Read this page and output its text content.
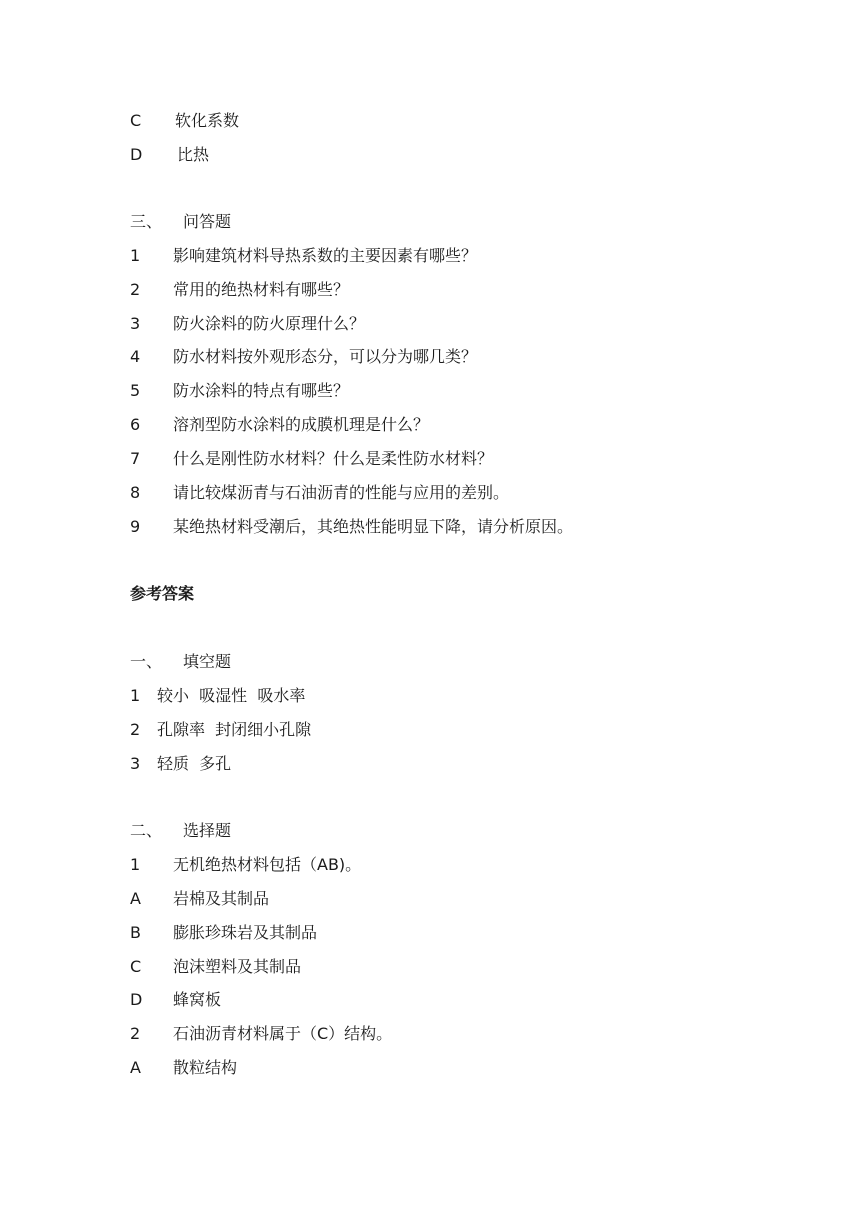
C 软化系数
D 比热
三、 问答题
1 影响建筑材料导热系数的主要因素有哪些？
2 常用的绝热材料有哪些？
3 防火涂料的防火原理什么？
4 防水材料按外观形态分，可以分为哪几类？
5 防水涂料的特点有哪些？
6 溶剂型防水涂料的成膜机理是什么？
7 什么是刚性防水材料？什么是柔性防水材料？
8 请比较煤沥青与石油沥青的性能与应用的差别。
9 某绝热材料受潮后，其绝热性能明显下降，请分析原因。
参考答案
一、 填空题
1 较小  吸湿性  吸水率
2 孔隙率  封闭细小孔隙
3 轻质  多孔
二、 选择题
1 无机绝热材料包括（AB)。
A 岩棉及其制品
B 膨胀珍珠岩及其制品
C 泡沫塑料及其制品
D 蜂窝板
2 石油沥青材料属于（C）结构。
A 散粒结构
